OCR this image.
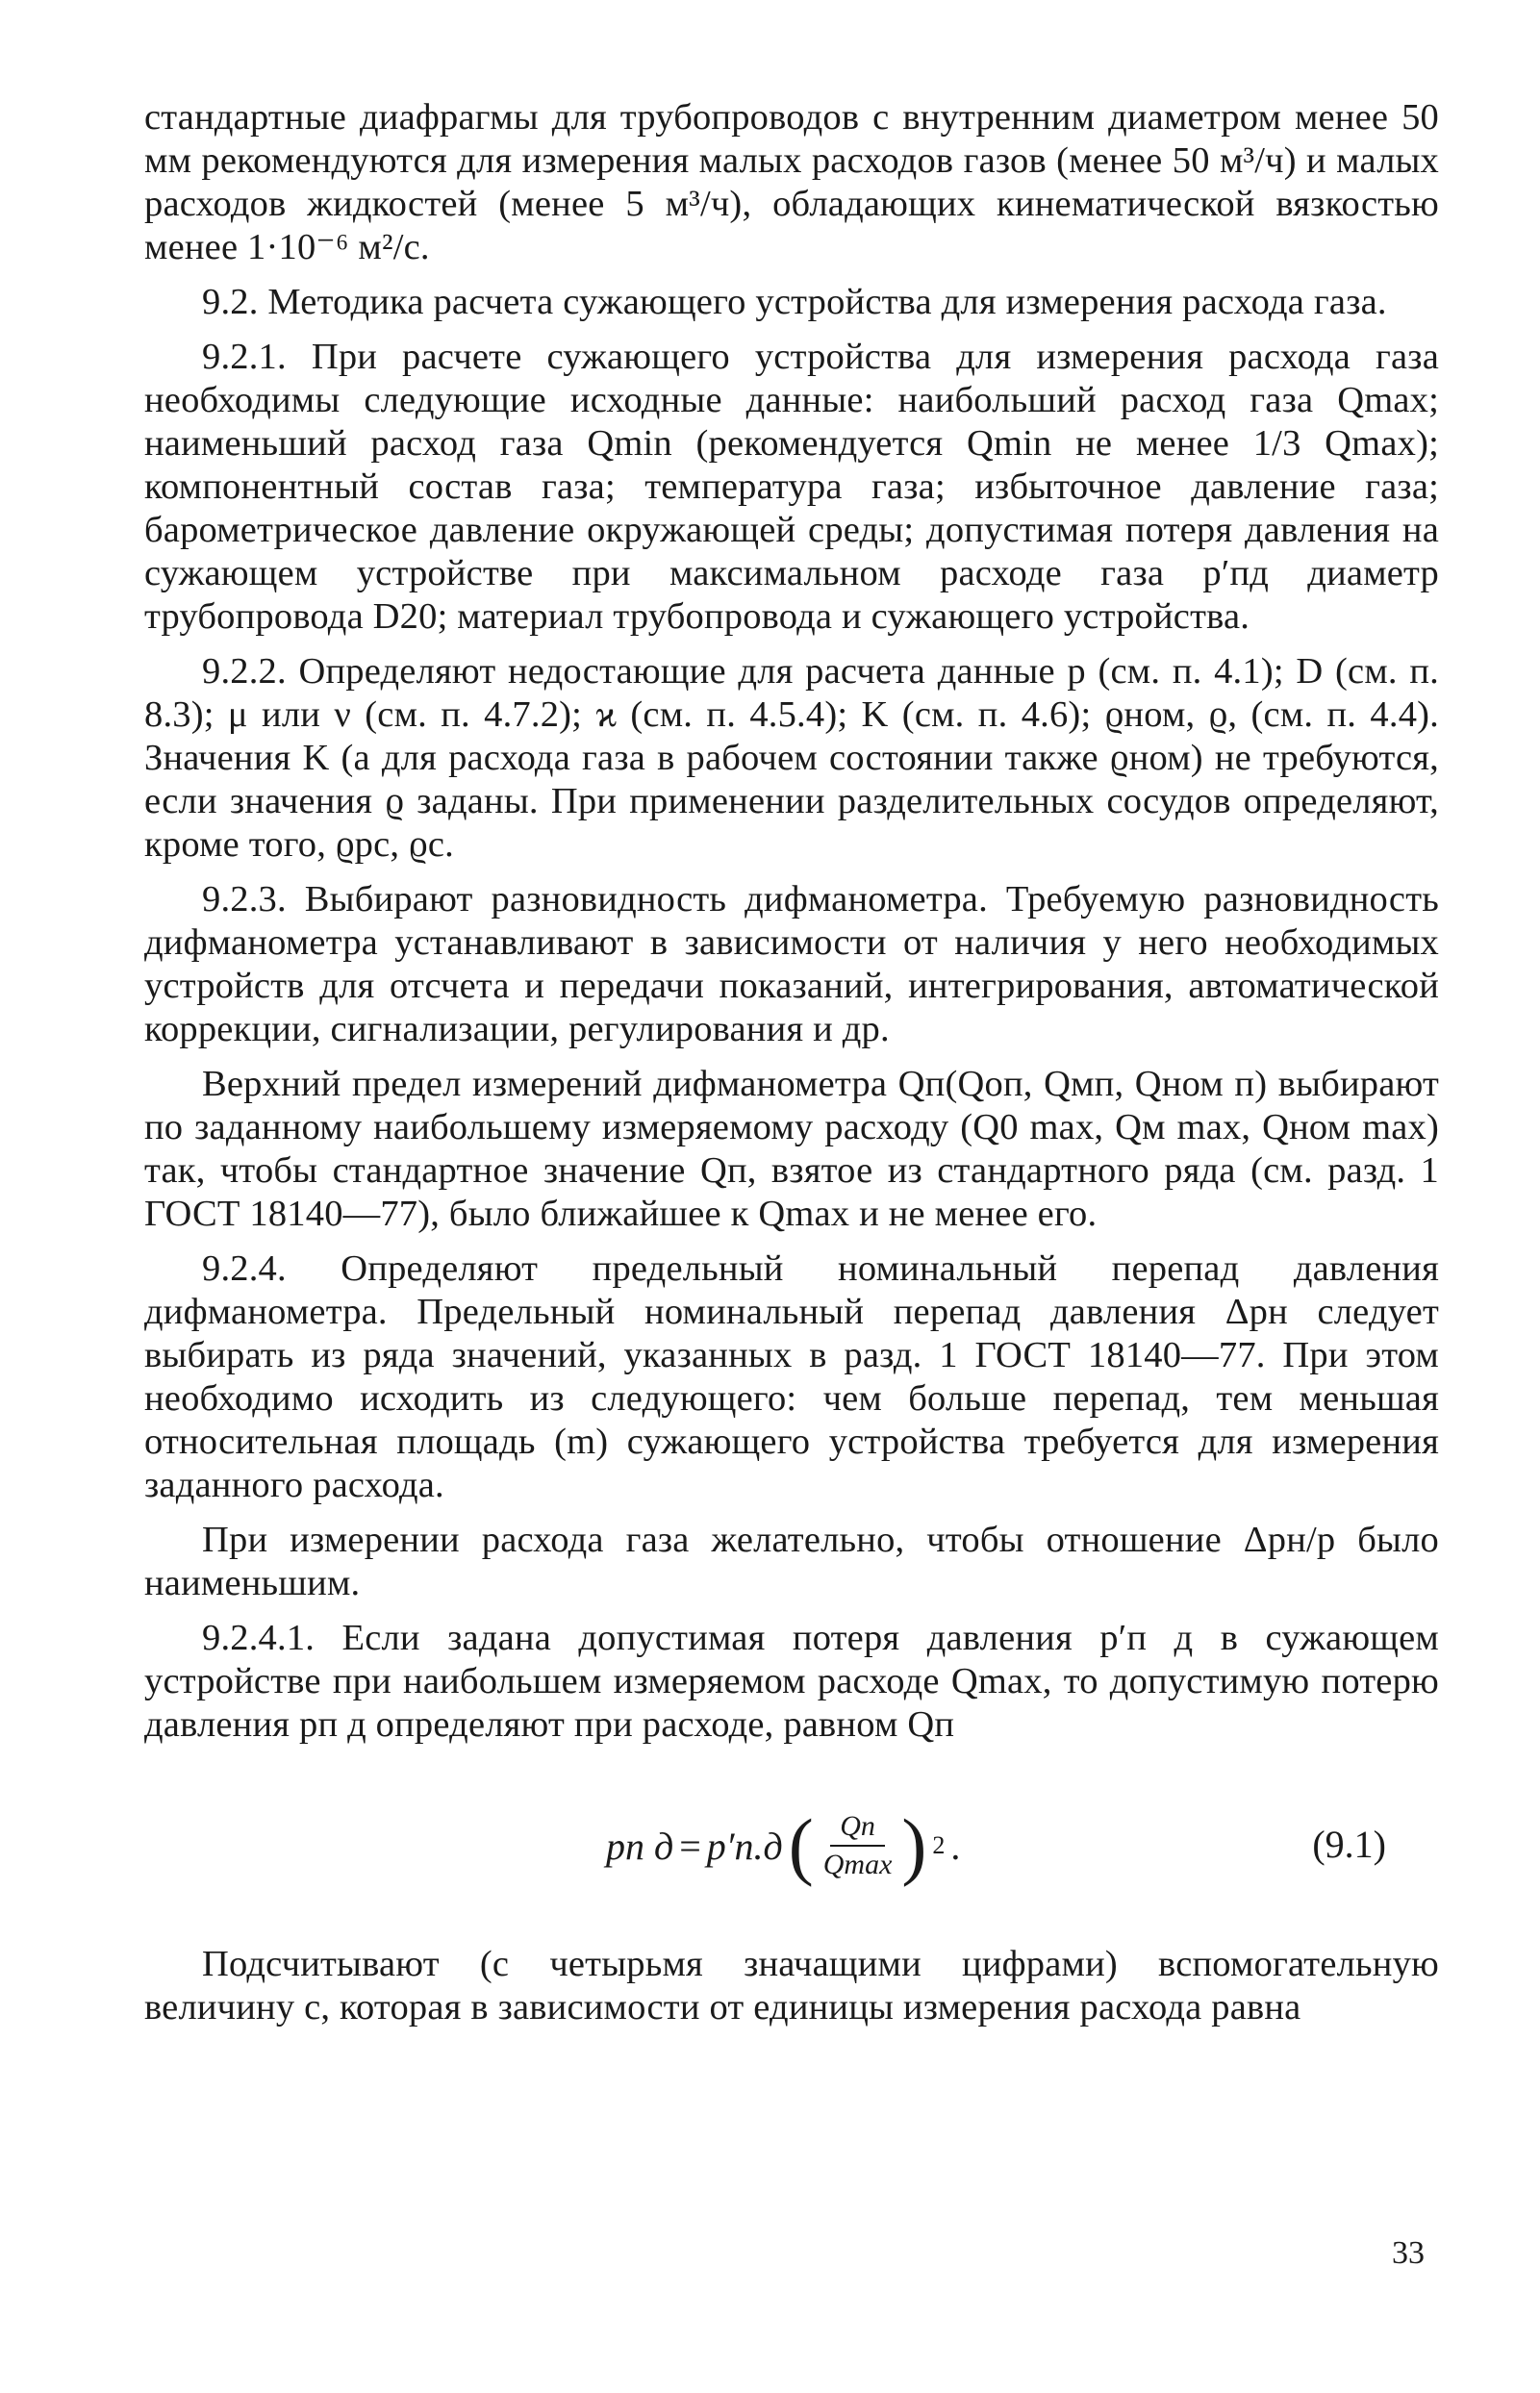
стандартные диафрагмы для трубопроводов с внутренним диаметром менее 50 мм рекомендуются для измерения малых расходов газов (менее 50 м³/ч) и малых расходов жидкостей (менее 5 м³/ч), обладающих кинематической вязкостью менее 1·10⁻⁶ м²/с.

9.2. Методика расчета сужающего устройства для измерения расхода газа.

9.2.1. При расчете сужающего устройства для измерения расхода газа необходимы следующие исходные данные: наибольший расход газа Qmax; наименьший расход газа Qmin (рекомендуется Qmin не менее 1/3 Qmax); компонентный состав газа; температура газа; избыточное давление газа; барометрическое давление окружающей среды; допустимая потеря давления на сужающем устройстве при максимальном расходе газа p′пд диаметр трубопровода D20; материал трубопровода и сужающего устройства.

9.2.2. Определяют недостающие для расчета данные p (см. п. 4.1); D (см. п. 8.3); μ или ν (см. п. 4.7.2); ϰ (см. п. 4.5.4); K (см. п. 4.6); ϱном, ϱ, (см. п. 4.4). Значения K (а для расхода газа в рабочем состоянии также ϱном) не требуются, если значения ϱ заданы. При применении разделительных сосудов определяют, кроме того, ϱрс, ϱс.

9.2.3. Выбирают разновидность дифманометра. Требуемую разновидность дифманометра устанавливают в зависимости от наличия у него необходимых устройств для отсчета и передачи показаний, интегрирования, автоматической коррекции, сигнализации, регулирования и др.

Верхний предел измерений дифманометра Qп(Qоп, Qмп, Qном п) выбирают по заданному наибольшему измеряемому расходу (Q0 max, Qм max, Qном max) так, чтобы стандартное значение Qп, взятое из стандартного ряда (см. разд. 1 ГОСТ 18140—77), было ближайшее к Qmax и не менее его.

9.2.4. Определяют предельный номинальный перепад давления дифманометра. Предельный номинальный перепад давления Δpн следует выбирать из ряда значений, указанных в разд. 1 ГОСТ 18140—77. При этом необходимо исходить из следующего: чем больше перепад, тем меньшая относительная площадь (m) сужающего устройства требуется для измерения заданного расхода.

При измерении расхода газа желательно, чтобы отношение Δpн/p было наименьшим.

9.2.4.1. Если задана допустимая потеря давления p′п д в сужающем устройстве при наибольшем измеряемом расходе Qmax, то допустимую потерю давления pп д определяют при расходе, равном Qп

pп д = p′п.д ( $\frac{Qп}{Qmax}$ ) 2 .	(9.1)

Подсчитывают (с четырьмя значащими цифрами) вспомогательную величину c, которая в зависимости от единицы измерения расхода равна

33
